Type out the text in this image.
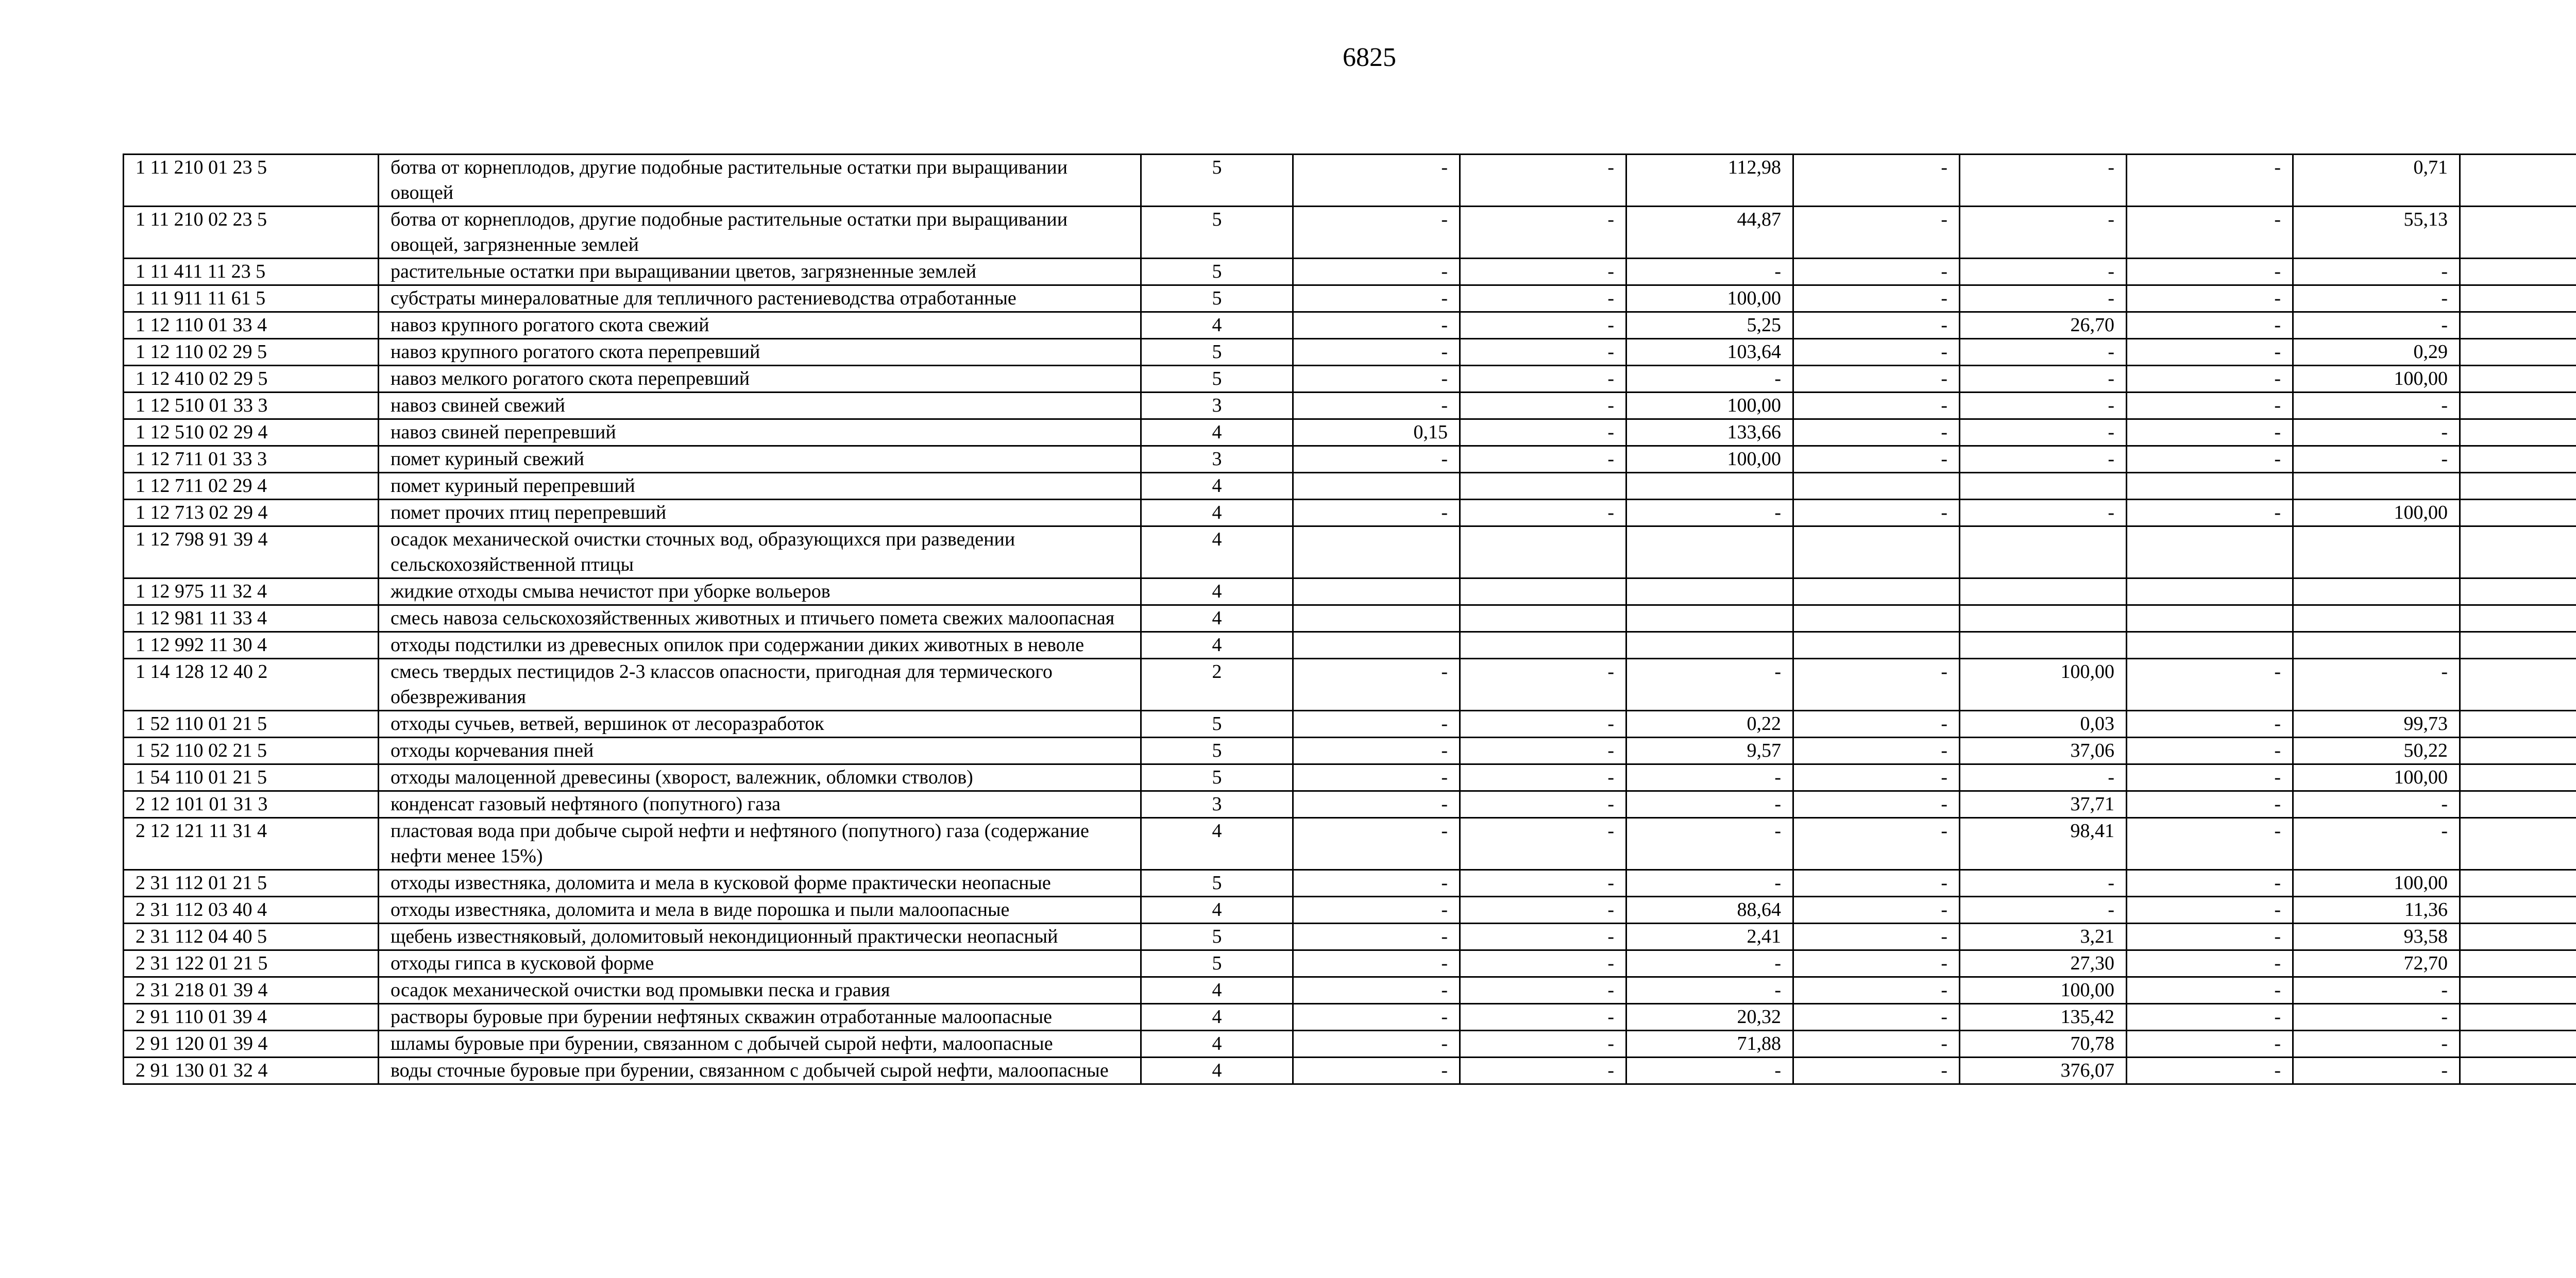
6825
1 11 210 01 23 5	ботва от корнеплодов, другие подобные растительные остатки при выращивании овощей	5	-	-	112,98	-	-	-	0,71	
1 11 210 02 23 5	ботва от корнеплодов, другие подобные растительные остатки при выращивании овощей, загрязненные землей	5	-	-	44,87	-	-	-	55,13	
1 11 411 11 23 5	растительные остатки при выращивании цветов, загрязненные землей	5	-	-	-	-	-	-	-	
1 11 911 11 61 5	субстраты минераловатные для тепличного растениеводства отработанные	5	-	-	100,00	-	-	-	-	
1 12 110 01 33 4	навоз крупного рогатого скота свежий	4	-	-	5,25	-	26,70	-	-	
1 12 110 02 29 5	навоз крупного рогатого скота перепревший	5	-	-	103,64	-	-	-	0,29	
1 12 410 02 29 5	навоз мелкого рогатого скота перепревший	5	-	-	-	-	-	-	100,00	
1 12 510 01 33 3	навоз свиней свежий	3	-	-	100,00	-	-	-	-	
1 12 510 02 29 4	навоз свиней перепревший	4	0,15	-	133,66	-	-	-	-	
1 12 711 01 33 3	помет куриный свежий	3	-	-	100,00	-	-	-	-	
1 12 711 02 29 4	помет куриный перепревший	4								
1 12 713 02 29 4	помет прочих птиц перепревший	4	-	-	-	-	-	-	100,00	
1 12 798 91 39 4	осадок механической очистки сточных вод, образующихся при разведении сельскохозяйственной птицы	4								
1 12 975 11 32 4	жидкие отходы смыва нечистот при уборке вольеров	4								
1 12 981 11 33 4	смесь навоза сельскохозяйственных животных и птичьего помета свежих малоопасная	4								
1 12 992 11 30 4	отходы подстилки из древесных опилок при содержании диких животных в неволе	4								
1 14 128 12 40 2	смесь твердых пестицидов 2-3 классов опасности, пригодная для термического обезвреживания	2	-	-	-	-	100,00	-	-	
1 52 110 01 21 5	отходы сучьев, ветвей, вершинок от лесоразработок	5	-	-	0,22	-	0,03	-	99,73	
1 52 110 02 21 5	отходы корчевания пней	5	-	-	9,57	-	37,06	-	50,22	
1 54 110 01 21 5	отходы малоценной древесины (хворост, валежник, обломки стволов)	5	-	-	-	-	-	-	100,00	
2 12 101 01 31 3	конденсат газовый нефтяного (попутного) газа	3	-	-	-	-	37,71	-	-	
2 12 121 11 31 4	пластовая вода при добыче сырой нефти и нефтяного (попутного) газа (содержание нефти менее 15%)	4	-	-	-	-	98,41	-	-	
2 31 112 01 21 5	отходы известняка, доломита и мела в кусковой форме практически неопасные	5	-	-	-	-	-	-	100,00	
2 31 112 03 40 4	отходы известняка, доломита и мела в виде порошка и пыли малоопасные	4	-	-	88,64	-	-	-	11,36	
2 31 112 04 40 5	щебень известняковый, доломитовый некондиционный практически неопасный	5	-	-	2,41	-	3,21	-	93,58	
2 31 122 01 21 5	отходы гипса в кусковой форме	5	-	-	-	-	27,30	-	72,70	
2 31 218 01 39 4	осадок механической очистки вод промывки песка и гравия	4	-	-	-	-	100,00	-	-	
2 91 110 01 39 4	растворы буровые при бурении нефтяных скважин отработанные малоопасные	4	-	-	20,32	-	135,42	-	-	
2 91 120 01 39 4	шламы буровые при бурении, связанном с добычей сырой нефти, малоопасные	4	-	-	71,88	-	70,78	-	-	
2 91 130 01 32 4	воды сточные буровые при бурении, связанном с добычей сырой нефти, малоопасные	4	-	-	-	-	376,07	-	-	
